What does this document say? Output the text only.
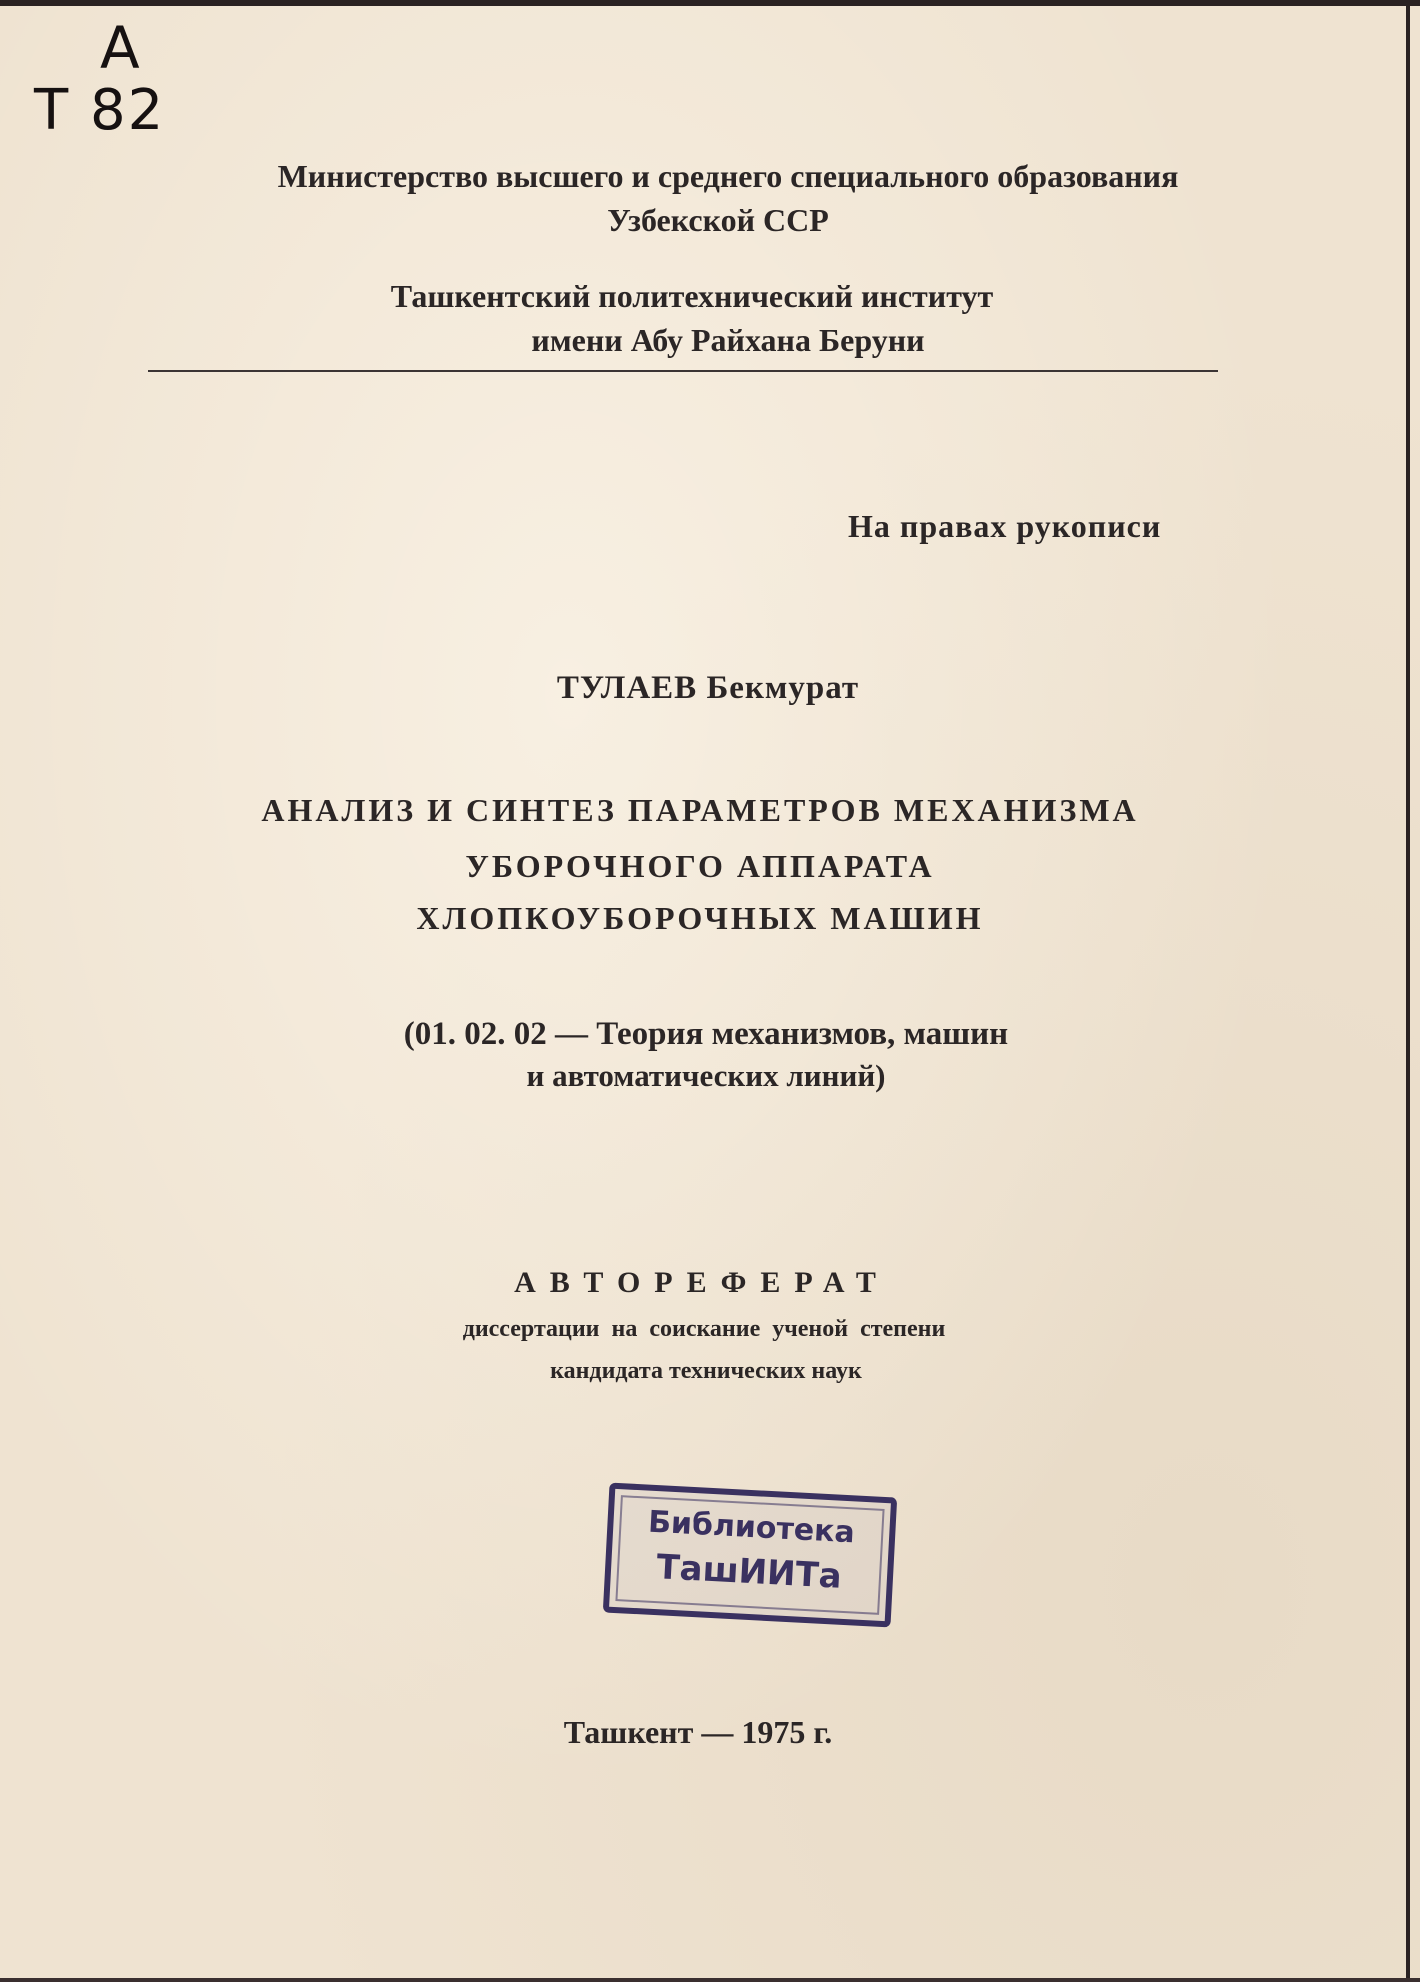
A
T 82
Министерство высшего и среднего специального образования
Узбекской ССР
Ташкентский политехнический институт
имени Абу Райхана Беруни
На правах рукописи
ТУЛАЕВ Бекмурат
АНАЛИЗ И СИНТЕЗ ПАРАМЕТРОВ МЕХАНИЗМА
УБОРОЧНОГО АППАРАТА
ХЛОПКОУБОРОЧНЫХ МАШИН
(01. 02. 02 — Теория механизмов, машин
и автоматических линий)
АВТОРЕФЕРАТ
диссертации на соискание ученой степени
кандидата технических наук
Библиотека
ТашИИТа
Ташкент — 1975 г.
